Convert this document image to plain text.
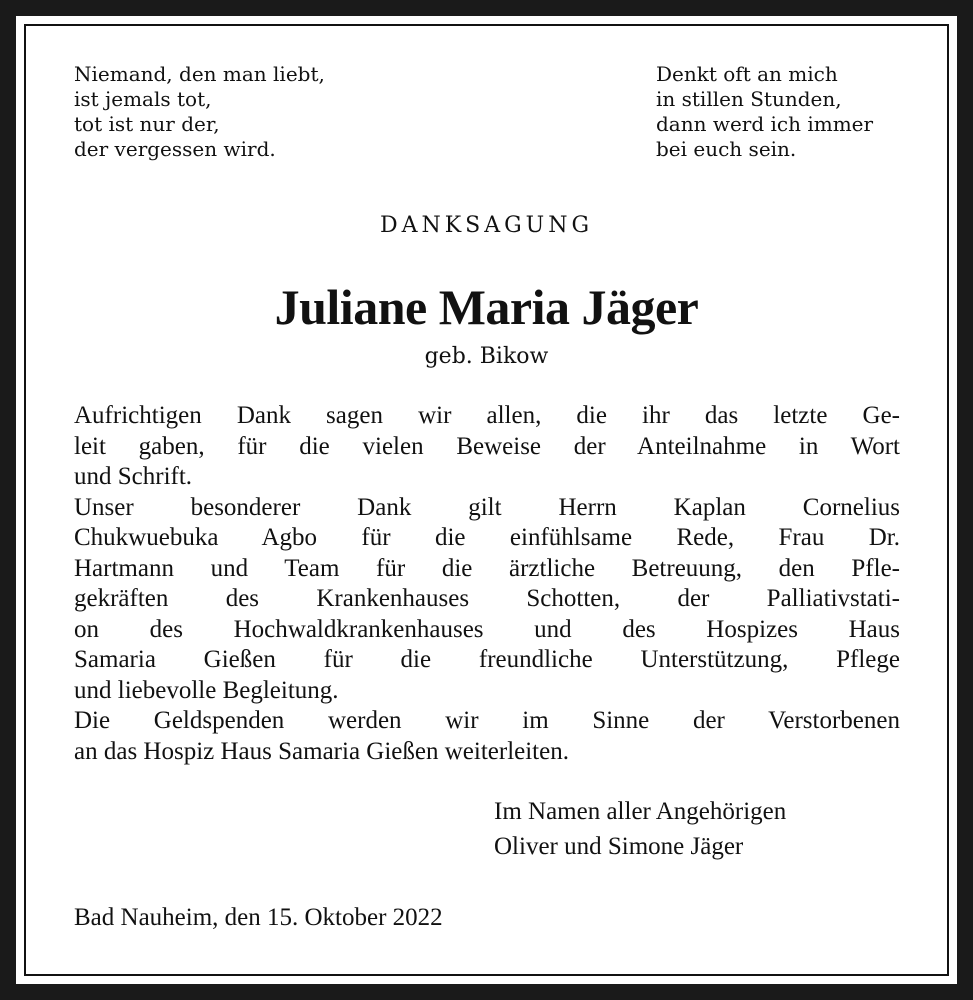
Niemand, den man liebt,
ist jemals tot,
tot ist nur der,
der vergessen wird.
Denkt oft an mich
in stillen Stunden,
dann werd ich immer
bei euch sein.
DANKSAGUNG
Juliane Maria Jäger
geb. Bikow
Aufrichtigen Dank sagen wir allen, die ihr das letzte Ge-
leit gaben, für die vielen Beweise der Anteilnahme in Wort
und Schrift.
Unser besonderer Dank gilt Herrn Kaplan Cornelius
Chukwuebuka Agbo für die einfühlsame Rede, Frau Dr.
Hartmann und Team für die ärztliche Betreuung, den Pfle-
gekräften des Krankenhauses Schotten, der Palliativstati-
on des Hochwaldkrankenhauses und des Hospizes Haus
Samaria Gießen für die freundliche Unterstützung, Pflege
und liebevolle Begleitung.
Die Geldspenden werden wir im Sinne der Verstorbenen
an das Hospiz Haus Samaria Gießen weiterleiten.
Im Namen aller Angehörigen
Oliver und Simone Jäger
Bad Nauheim, den 15. Oktober 2022
